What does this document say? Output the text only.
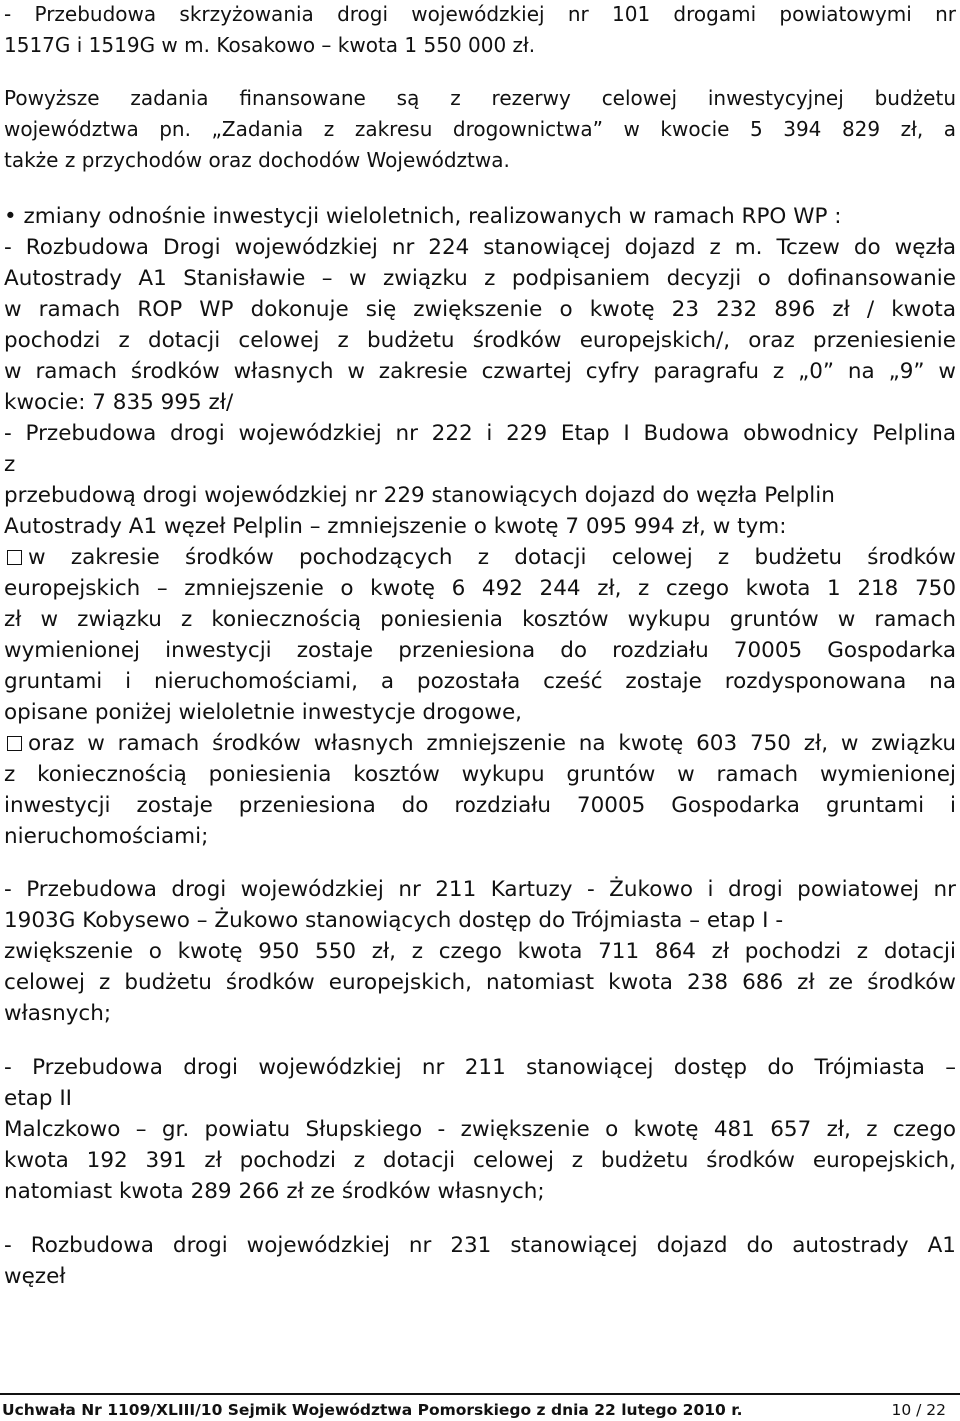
- Przebudowa skrzyżowania drogi wojewódzkiej nr 101 drogami powiatowymi nr
1517G i 1519G w m. Kosakowo – kwota 1 550 000 zł.
Powyższe zadania finansowane są z rezerwy celowej inwestycyjnej budżetu
województwa pn. „Zadania z zakresu drogownictwa” w kwocie 5 394 829 zł, a
także z przychodów oraz dochodów Województwa.
• zmiany odnośnie inwestycji wieloletnich, realizowanych w ramach RPO WP :
- Rozbudowa Drogi wojewódzkiej nr 224 stanowiącej dojazd z m. Tczew do węzła
Autostrady A1 Stanisławie – w związku z podpisaniem decyzji o dofinansowanie
w ramach ROP WP dokonuje się zwiększenie o kwotę 23 232 896 zł / kwota
pochodzi z dotacji celowej z budżetu środków europejskich/, oraz przeniesienie
w ramach środków własnych w zakresie czwartej cyfry paragrafu z „0” na „9” w
kwocie: 7 835 995 zł/
- Przebudowa drogi wojewódzkiej nr 222 i 229 Etap I Budowa obwodnicy Pelplina
z
przebudową drogi wojewódzkiej nr 229 stanowiących dojazd do węzła Pelplin
Autostrady A1 węzeł Pelplin – zmniejszenie o kwotę 7 095 994 zł, w tym:
w zakresie środków pochodzących z dotacji celowej z budżetu środków
europejskich – zmniejszenie o kwotę 6 492 244 zł, z czego kwota 1 218 750
zł w związku z koniecznością poniesienia kosztów wykupu gruntów w ramach
wymienionej inwestycji zostaje przeniesiona do rozdziału 70005 Gospodarka
gruntami i nieruchomościami, a pozostała cześć zostaje rozdysponowana na
opisane poniżej wieloletnie inwestycje drogowe,
oraz w ramach środków własnych zmniejszenie na kwotę 603 750 zł, w związku
z koniecznością poniesienia kosztów wykupu gruntów w ramach wymienionej
inwestycji zostaje przeniesiona do rozdziału 70005 Gospodarka gruntami i
nieruchomościami;
- Przebudowa drogi wojewódzkiej nr 211 Kartuzy - Żukowo i drogi powiatowej nr
1903G Kobysewo – Żukowo stanowiących dostęp do Trójmiasta – etap I -
zwiększenie o kwotę 950 550 zł, z czego kwota 711 864 zł pochodzi z dotacji
celowej z budżetu środków europejskich, natomiast kwota 238 686 zł ze środków
własnych;
- Przebudowa drogi wojewódzkiej nr 211 stanowiącej dostęp do Trójmiasta –
etap II
Malczkowo – gr. powiatu Słupskiego - zwiększenie o kwotę 481 657 zł, z czego
kwota 192 391 zł pochodzi z dotacji celowej z budżetu środków europejskich,
natomiast kwota 289 266 zł ze środków własnych;
- Rozbudowa drogi wojewódzkiej nr 231 stanowiącej dojazd do autostrady A1
węzeł
Uchwała Nr 1109/XLIII/10 Sejmik Województwa Pomorskiego z dnia 22 lutego 2010 r.	10 / 22
